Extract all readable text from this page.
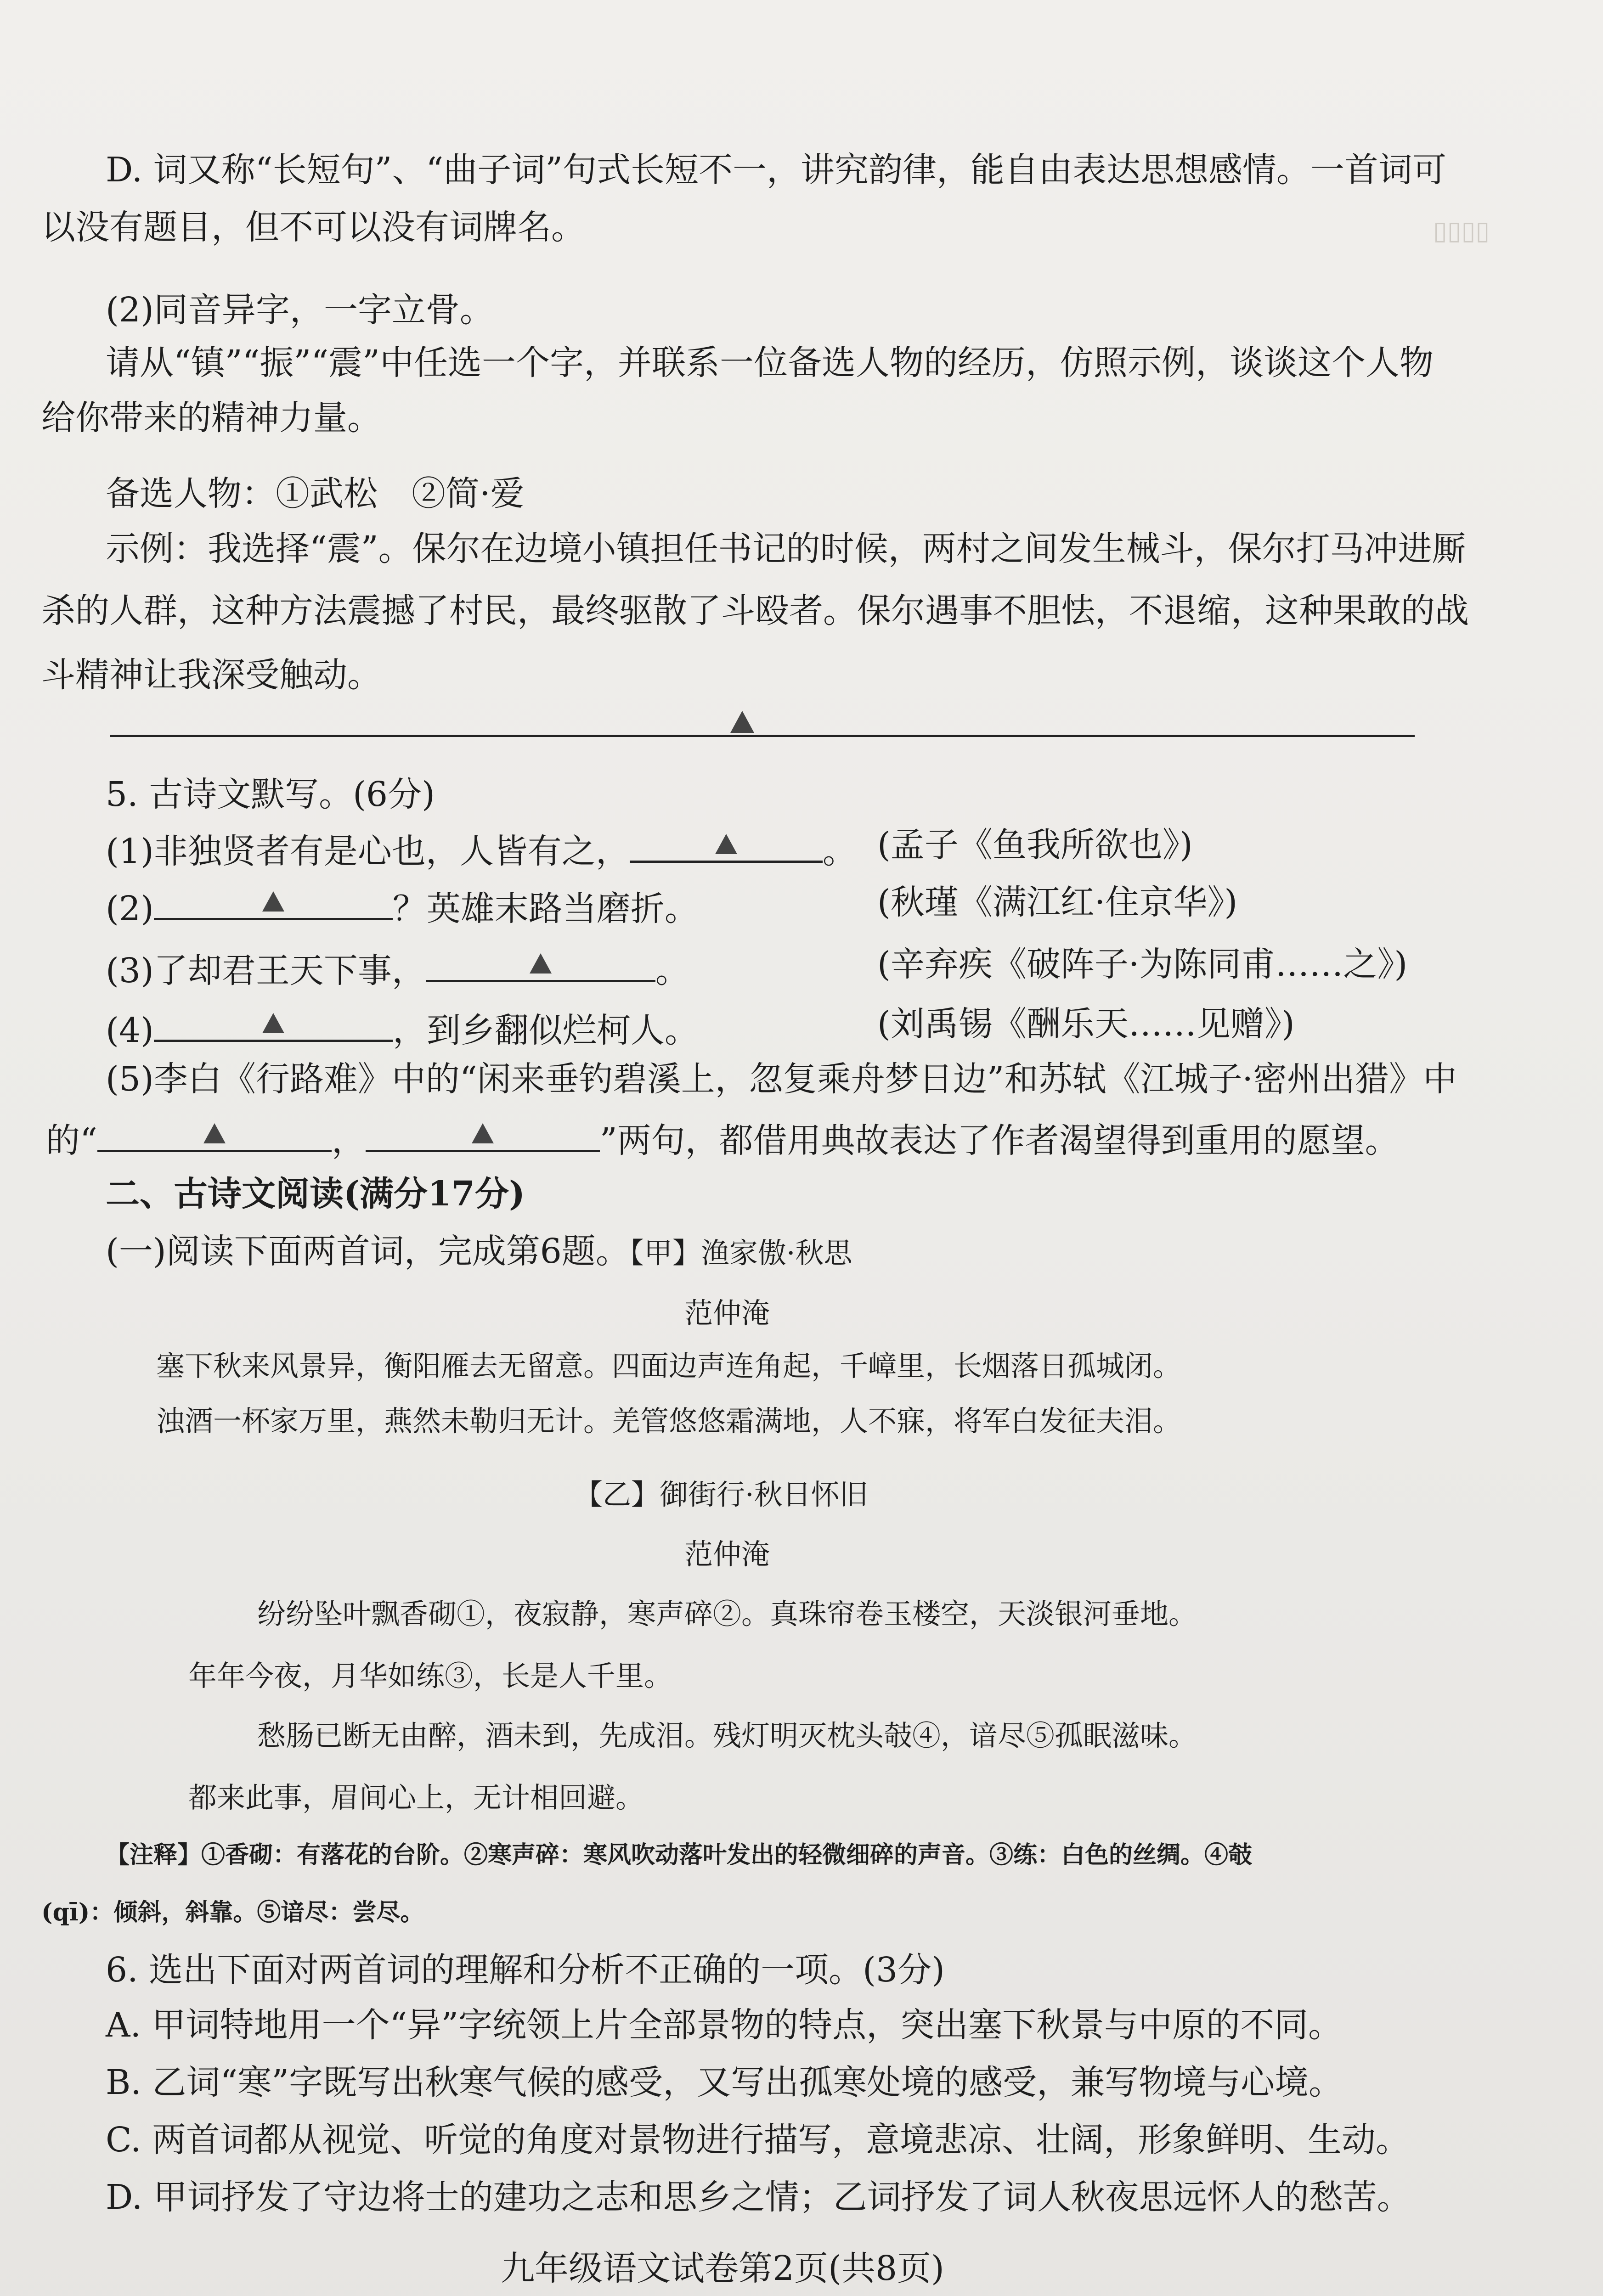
▯▯▯▯
D. 词又称“长短句”、“曲子词”句式长短不一，讲究韵律，能自由表达思想感情。一首词可
以没有题目，但不可以没有词牌名。
(2)同音异字，一字立骨。
请从“镇”“振”“震”中任选一个字，并联系一位备选人物的经历，仿照示例，谈谈这个人物
给你带来的精神力量。
备选人物：①武松　②简·爱
示例：我选择“震”。保尔在边境小镇担任书记的时候，两村之间发生械斗，保尔打马冲进厮
杀的人群，这种方法震撼了村民，最终驱散了斗殴者。保尔遇事不胆怯，不退缩，这种果敢的战
斗精神让我深受触动。
5. 古诗文默写。(6分)
(1)非独贤者有是心也，人皆有之，	。 (孟子《鱼我所欲也》)
(2)	？英雄末路当磨折。	(秋瑾《满江红·住京华》)
(3)了却君王天下事，	。	(辛弃疾《破阵子·为陈同甫……之》)
(4)	，到乡翻似烂柯人。	(刘禹锡《酬乐天……见赠》)
(5)李白《行路难》中的“闲来垂钓碧溪上，忽复乘舟梦日边”和苏轼《江城子·密州出猎》中
的“	，	”两句，都借用典故表达了作者渴望得到重用的愿望。
二、古诗文阅读(满分17分)
(一)阅读下面两首词，完成第6题。【甲】渔家傲·秋思
范仲淹
塞下秋来风景异，衡阳雁去无留意。四面边声连角起，千嶂里，长烟落日孤城闭。
浊酒一杯家万里，燕然未勒归无计。羌管悠悠霜满地，人不寐，将军白发征夫泪。
【乙】御街行·秋日怀旧
范仲淹
纷纷坠叶飘香砌①，夜寂静，寒声碎②。真珠帘卷玉楼空，天淡银河垂地。
年年今夜，月华如练③，长是人千里。
愁肠已断无由醉，酒未到，先成泪。残灯明灭枕头攲④，谙尽⑤孤眠滋味。
都来此事，眉间心上，无计相回避。
【注释】①香砌：有落花的台阶。②寒声碎：寒风吹动落叶发出的轻微细碎的声音。③练：白色的丝绸。④攲
(qī)：倾斜，斜靠。⑤谙尽：尝尽。
6. 选出下面对两首词的理解和分析不正确的一项。(3分)
A. 甲词特地用一个“异”字统领上片全部景物的特点，突出塞下秋景与中原的不同。
B. 乙词“寒”字既写出秋寒气候的感受，又写出孤寒处境的感受，兼写物境与心境。
C. 两首词都从视觉、听觉的角度对景物进行描写，意境悲凉、壮阔，形象鲜明、生动。
D. 甲词抒发了守边将士的建功之志和思乡之情；乙词抒发了词人秋夜思远怀人的愁苦。
九年级语文试卷第2页(共8页)
